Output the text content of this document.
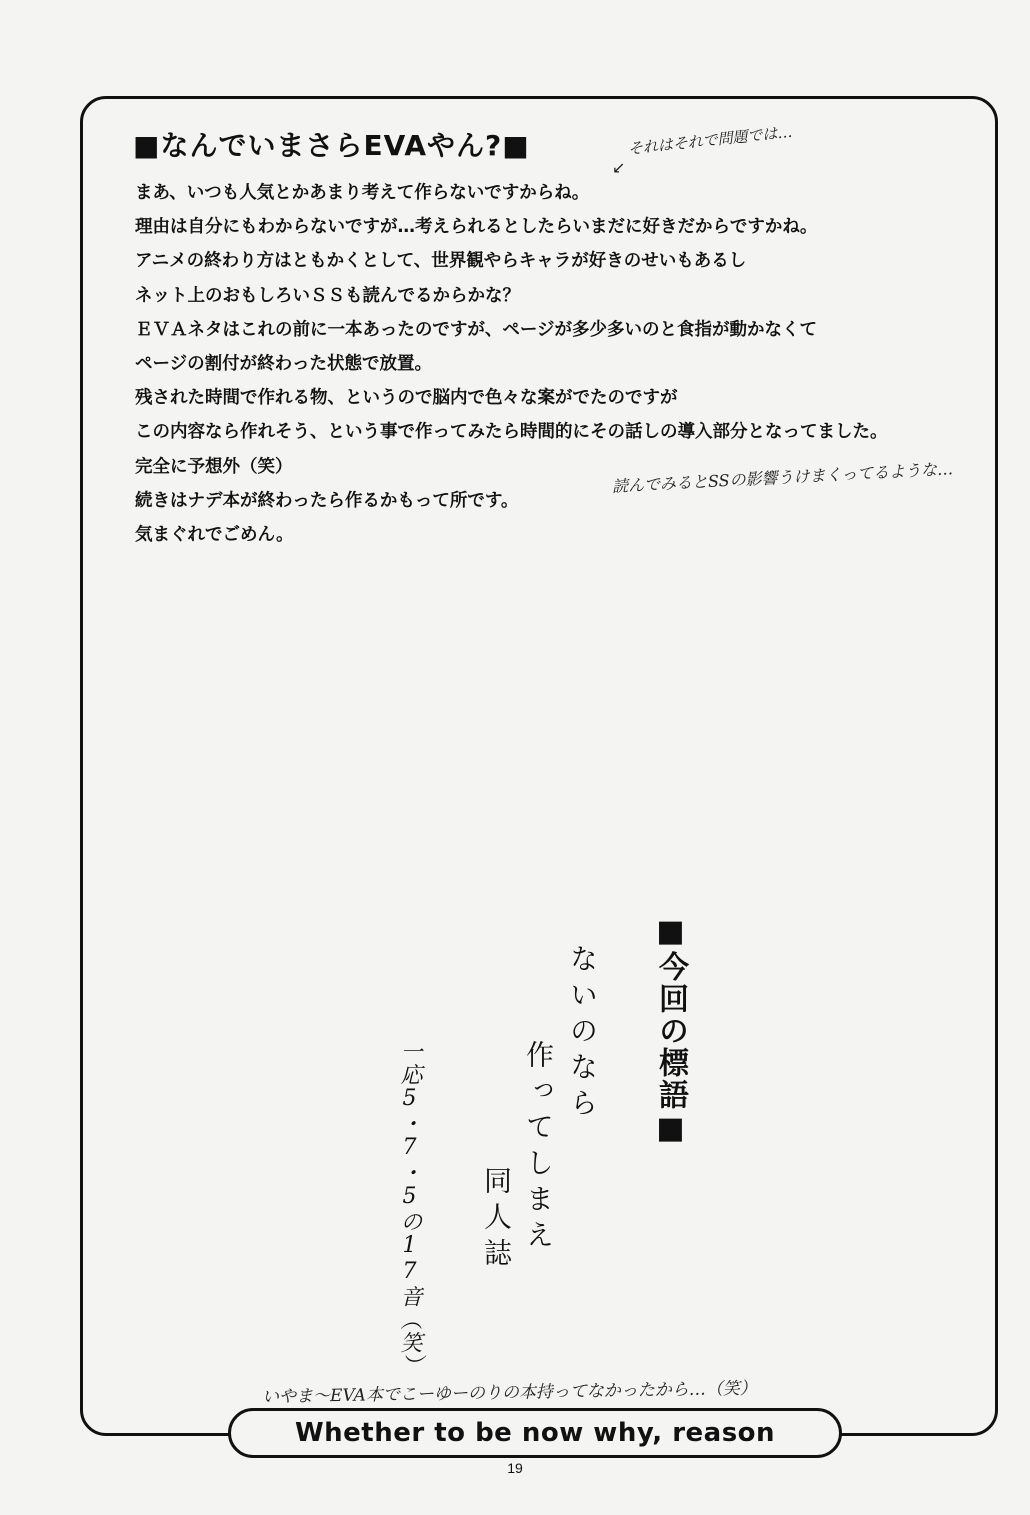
■なんでいまさらEVAやん?■
まあ、いつも人気とかあまり考えて作らないですからね。
理由は自分にもわからないですが…考えられるとしたらいまだに好きだからですかね。
アニメの終わり方はともかくとして、世界観やらキャラが好きのせいもあるし
ネット上のおもしろいＳＳも読んでるからかな？
ＥＶＡネタはこれの前に一本あったのですが、ページが多少多いのと食指が動かなくて
ページの割付が終わった状態で放置。
残された時間で作れる物、というので脳内で色々な案がでたのですが
この内容なら作れそう、という事で作ってみたら時間的にその話しの導入部分となってました。
完全に予想外（笑）
続きはナデ本が終わったら作るかもって所です。
気まぐれでごめん。
それはそれで問題では…
↙
読んでみるとSSの影響うけまくってるような…
■今回の標語■
ないのなら
作ってしまえ
同人誌
一応5・7・5の17音（笑）
いやま～EVA本でこーゆーのりの本持ってなかったから…（笑）
Whether to be now why, reason
19
